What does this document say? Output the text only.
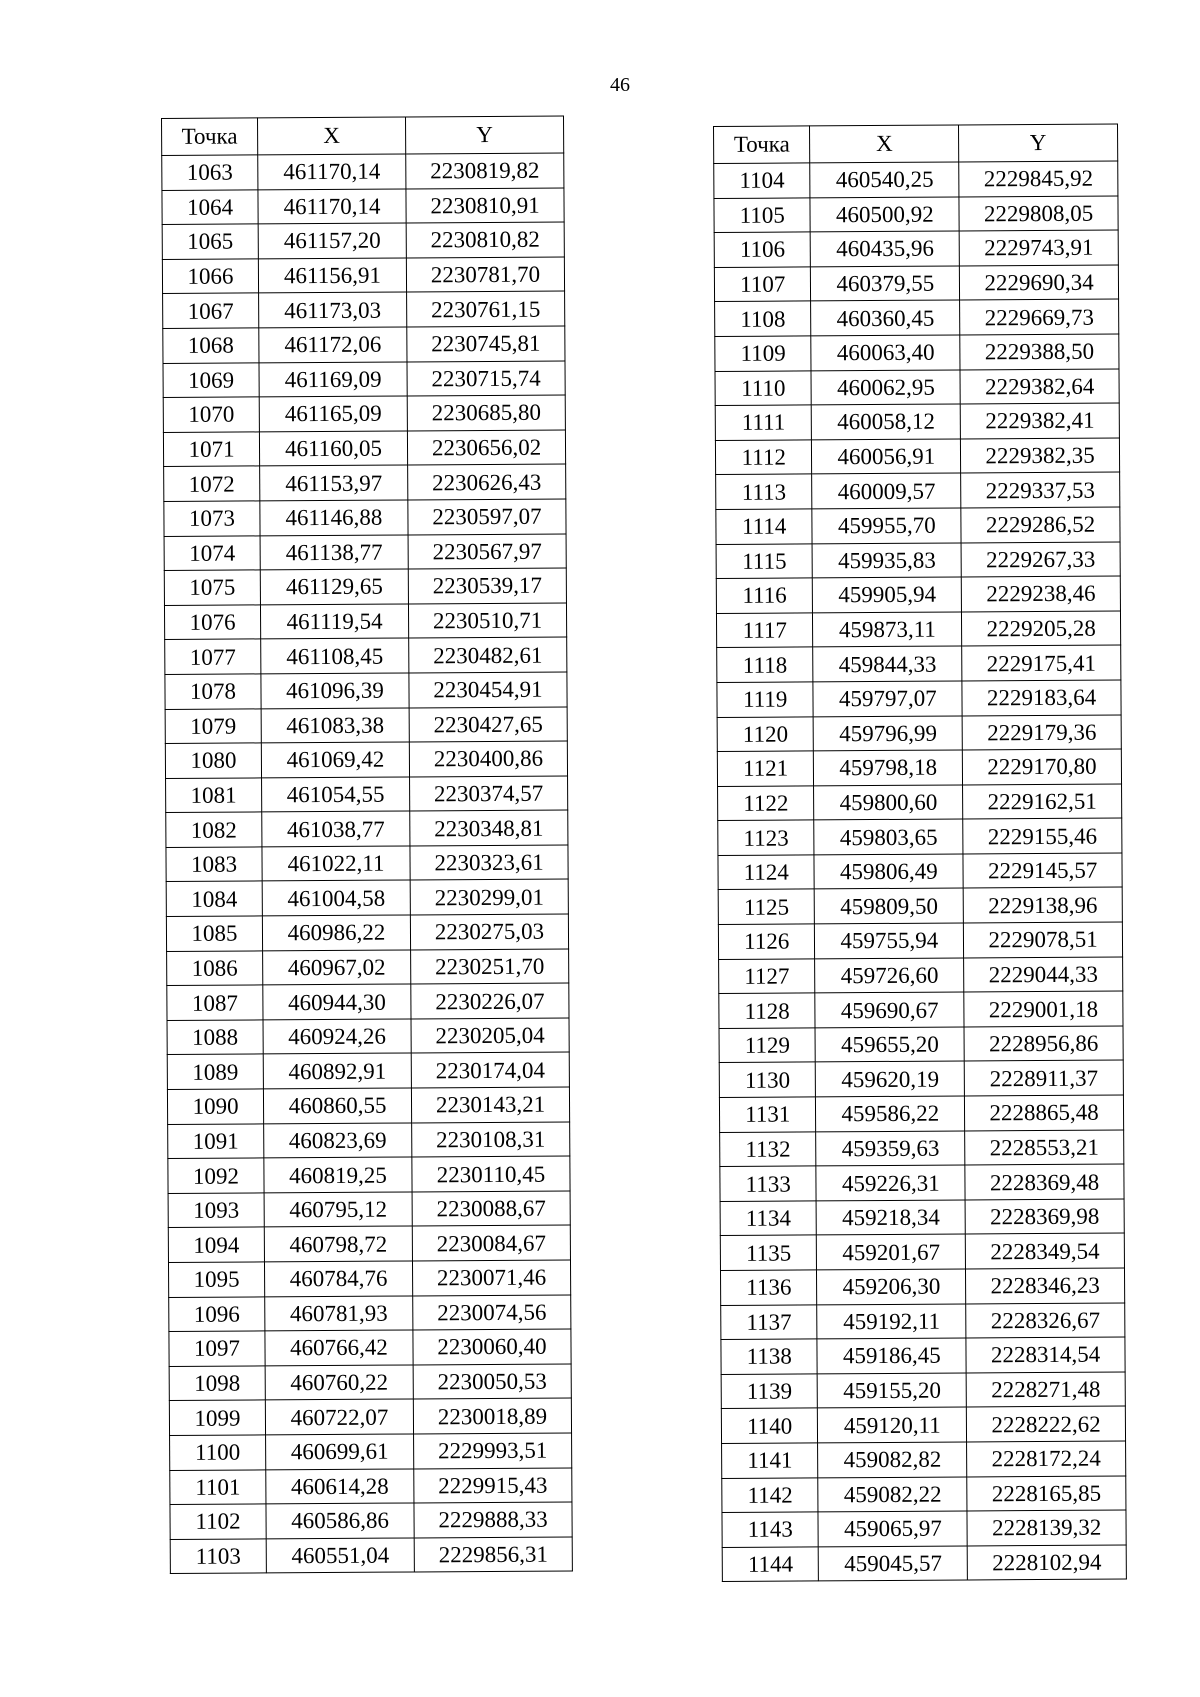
46
Точка	X	Y
1063	461170,14	2230819,82
1064	461170,14	2230810,91
1065	461157,20	2230810,82
1066	461156,91	2230781,70
1067	461173,03	2230761,15
1068	461172,06	2230745,81
1069	461169,09	2230715,74
1070	461165,09	2230685,80
1071	461160,05	2230656,02
1072	461153,97	2230626,43
1073	461146,88	2230597,07
1074	461138,77	2230567,97
1075	461129,65	2230539,17
1076	461119,54	2230510,71
1077	461108,45	2230482,61
1078	461096,39	2230454,91
1079	461083,38	2230427,65
1080	461069,42	2230400,86
1081	461054,55	2230374,57
1082	461038,77	2230348,81
1083	461022,11	2230323,61
1084	461004,58	2230299,01
1085	460986,22	2230275,03
1086	460967,02	2230251,70
1087	460944,30	2230226,07
1088	460924,26	2230205,04
1089	460892,91	2230174,04
1090	460860,55	2230143,21
1091	460823,69	2230108,31
1092	460819,25	2230110,45
1093	460795,12	2230088,67
1094	460798,72	2230084,67
1095	460784,76	2230071,46
1096	460781,93	2230074,56
1097	460766,42	2230060,40
1098	460760,22	2230050,53
1099	460722,07	2230018,89
1100	460699,61	2229993,51
1101	460614,28	2229915,43
1102	460586,86	2229888,33
1103	460551,04	2229856,31
Точка	X	Y
1104	460540,25	2229845,92
1105	460500,92	2229808,05
1106	460435,96	2229743,91
1107	460379,55	2229690,34
1108	460360,45	2229669,73
1109	460063,40	2229388,50
1110	460062,95	2229382,64
1111	460058,12	2229382,41
1112	460056,91	2229382,35
1113	460009,57	2229337,53
1114	459955,70	2229286,52
1115	459935,83	2229267,33
1116	459905,94	2229238,46
1117	459873,11	2229205,28
1118	459844,33	2229175,41
1119	459797,07	2229183,64
1120	459796,99	2229179,36
1121	459798,18	2229170,80
1122	459800,60	2229162,51
1123	459803,65	2229155,46
1124	459806,49	2229145,57
1125	459809,50	2229138,96
1126	459755,94	2229078,51
1127	459726,60	2229044,33
1128	459690,67	2229001,18
1129	459655,20	2228956,86
1130	459620,19	2228911,37
1131	459586,22	2228865,48
1132	459359,63	2228553,21
1133	459226,31	2228369,48
1134	459218,34	2228369,98
1135	459201,67	2228349,54
1136	459206,30	2228346,23
1137	459192,11	2228326,67
1138	459186,45	2228314,54
1139	459155,20	2228271,48
1140	459120,11	2228222,62
1141	459082,82	2228172,24
1142	459082,22	2228165,85
1143	459065,97	2228139,32
1144	459045,57	2228102,94
